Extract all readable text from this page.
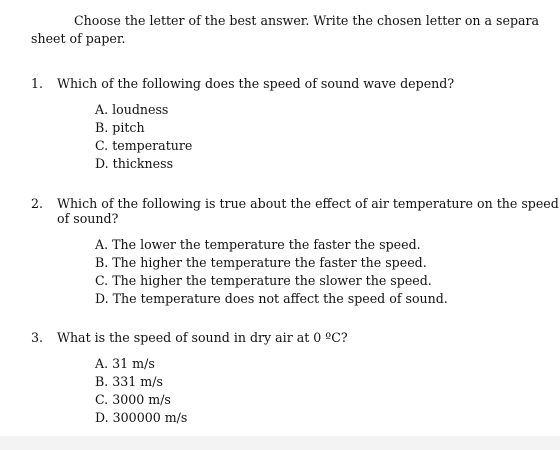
Choose the letter of the best answer. Write the chosen letter on a separa
sheet of paper.
1. Which of the following does the speed of sound wave depend?
A. loudness
B. pitch
C. temperature
D. thickness
2. Which of the following is true about the effect of air temperature on the speed
of sound?
A. The lower the temperature the faster the speed.
B. The higher the temperature the faster the speed.
C. The higher the temperature the slower the speed.
D. The temperature does not affect the speed of sound.
3. What is the speed of sound in dry air at 0 ºC?
A. 31 m/s
B. 331 m/s
C. 3000 m/s
D. 300000 m/s
